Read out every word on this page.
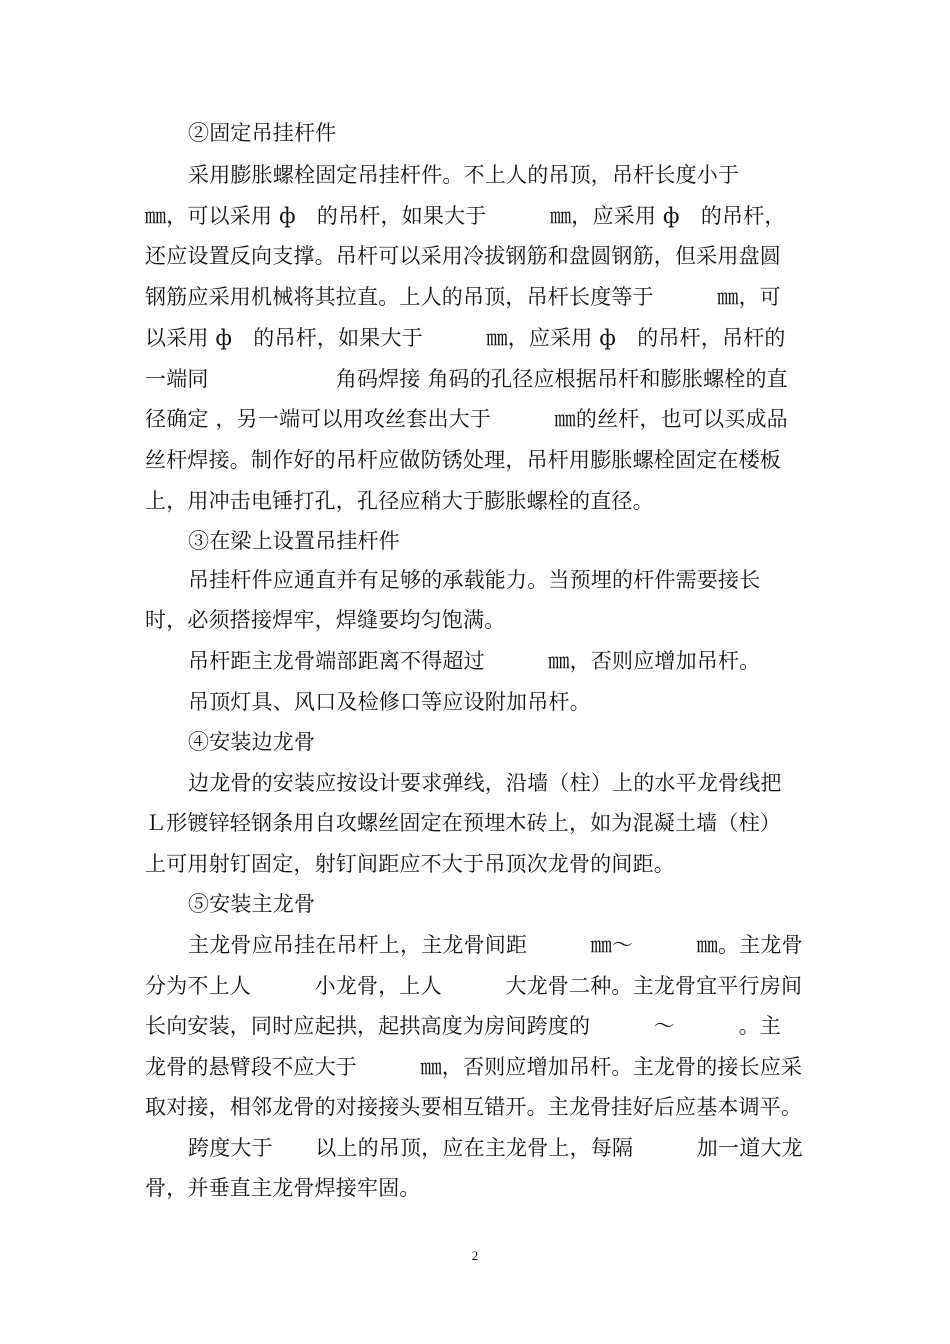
②固定吊挂杆件
采用膨胀螺栓固定吊挂杆件。不上人的吊顶，吊杆长度小于
㎜，可以采用 ф　的吊杆，如果大于　　　㎜，应采用 ф　的吊杆，
还应设置反向支撑。吊杆可以采用冷拔钢筋和盘圆钢筋，但采用盘圆
钢筋应采用机械将其拉直。上人的吊顶，吊杆长度等于　　　㎜，可
以采用 ф　的吊杆，如果大于　　　㎜，应采用 ф　的吊杆，吊杆的
一端同　　　　　　角码焊接 角码的孔径应根据吊杆和膨胀螺栓的直
径确定 ，另一端可以用攻丝套出大于　　　㎜的丝杆，也可以买成品
丝杆焊接。制作好的吊杆应做防锈处理，吊杆用膨胀螺栓固定在楼板
上，用冲击电锤打孔，孔径应稍大于膨胀螺栓的直径。
③在梁上设置吊挂杆件
吊挂杆件应通直并有足够的承载能力。当预埋的杆件需要接长
时，必须搭接焊牢，焊缝要均匀饱满。
吊杆距主龙骨端部距离不得超过　　　㎜，否则应增加吊杆。
吊顶灯具、风口及检修口等应设附加吊杆。
④安装边龙骨
边龙骨的安装应按设计要求弹线，沿墙（柱）上的水平龙骨线把
Ｌ形镀锌轻钢条用自攻螺丝固定在预埋木砖上，如为混凝土墙（柱）
上可用射钉固定，射钉间距应不大于吊顶次龙骨的间距。
⑤安装主龙骨
主龙骨应吊挂在吊杆上，主龙骨间距　　　㎜～　　　㎜。主龙骨
分为不上人　　　小龙骨，上人　　　大龙骨二种。主龙骨宜平行房间
长向安装，同时应起拱，起拱高度为房间跨度的　　　～　　　。主
龙骨的悬臂段不应大于　　　㎜，否则应增加吊杆。主龙骨的接长应采
取对接，相邻龙骨的对接接头要相互错开。主龙骨挂好后应基本调平。
跨度大于　　以上的吊顶，应在主龙骨上，每隔　　　加一道大龙
骨，并垂直主龙骨焊接牢固。
2
